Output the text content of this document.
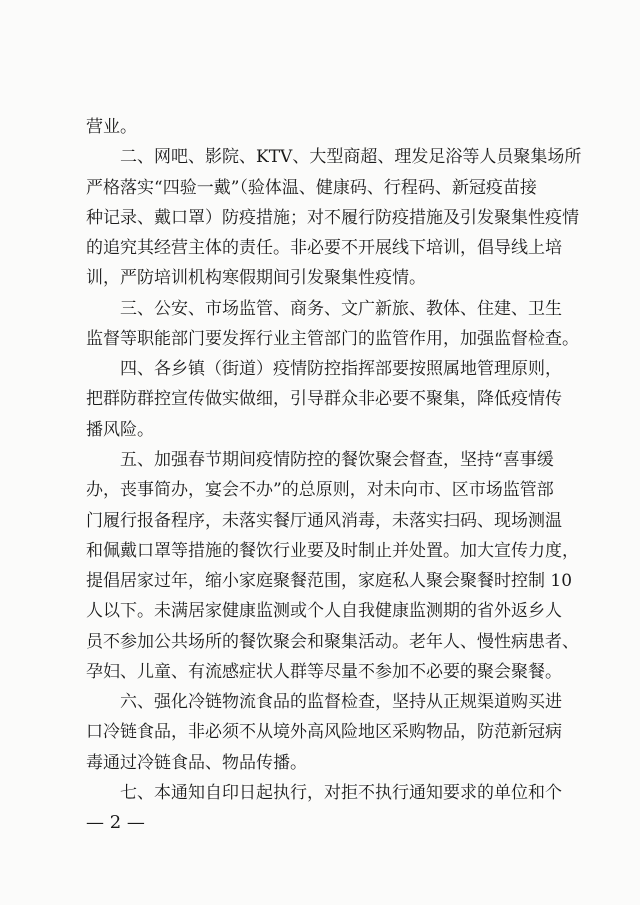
营业。
二、网吧、影院、KTV、大型商超、理发足浴等人员聚集场所
严格落实“四验一戴”（验体温、健康码、行程码、新冠疫苗接
种记录、戴口罩）防疫措施；对不履行防疫措施及引发聚集性疫情
的追究其经营主体的责任。非必要不开展线下培训，倡导线上培
训，严防培训机构寒假期间引发聚集性疫情。
三、公安、市场监管、商务、文广新旅、教体、住建、卫生
监督等职能部门要发挥行业主管部门的监管作用，加强监督检查。
四、各乡镇（街道）疫情防控指挥部要按照属地管理原则，
把群防群控宣传做实做细，引导群众非必要不聚集，降低疫情传
播风险。
五、加强春节期间疫情防控的餐饮聚会督查，坚持“喜事缓
办，丧事简办，宴会不办”的总原则，对未向市、区市场监管部
门履行报备程序，未落实餐厅通风消毒，未落实扫码、现场测温
和佩戴口罩等措施的餐饮行业要及时制止并处置。加大宣传力度，
提倡居家过年，缩小家庭聚餐范围，家庭私人聚会聚餐时控制 10
人以下。未满居家健康监测或个人自我健康监测期的省外返乡人
员不参加公共场所的餐饮聚会和聚集活动。老年人、慢性病患者、
孕妇、儿童、有流感症状人群等尽量不参加不必要的聚会聚餐。
六、强化冷链物流食品的监督检查，坚持从正规渠道购买进
口冷链食品，非必须不从境外高风险地区采购物品，防范新冠病
毒通过冷链食品、物品传播。
七、本通知自印日起执行，对拒不执行通知要求的单位和个
— 2 —
